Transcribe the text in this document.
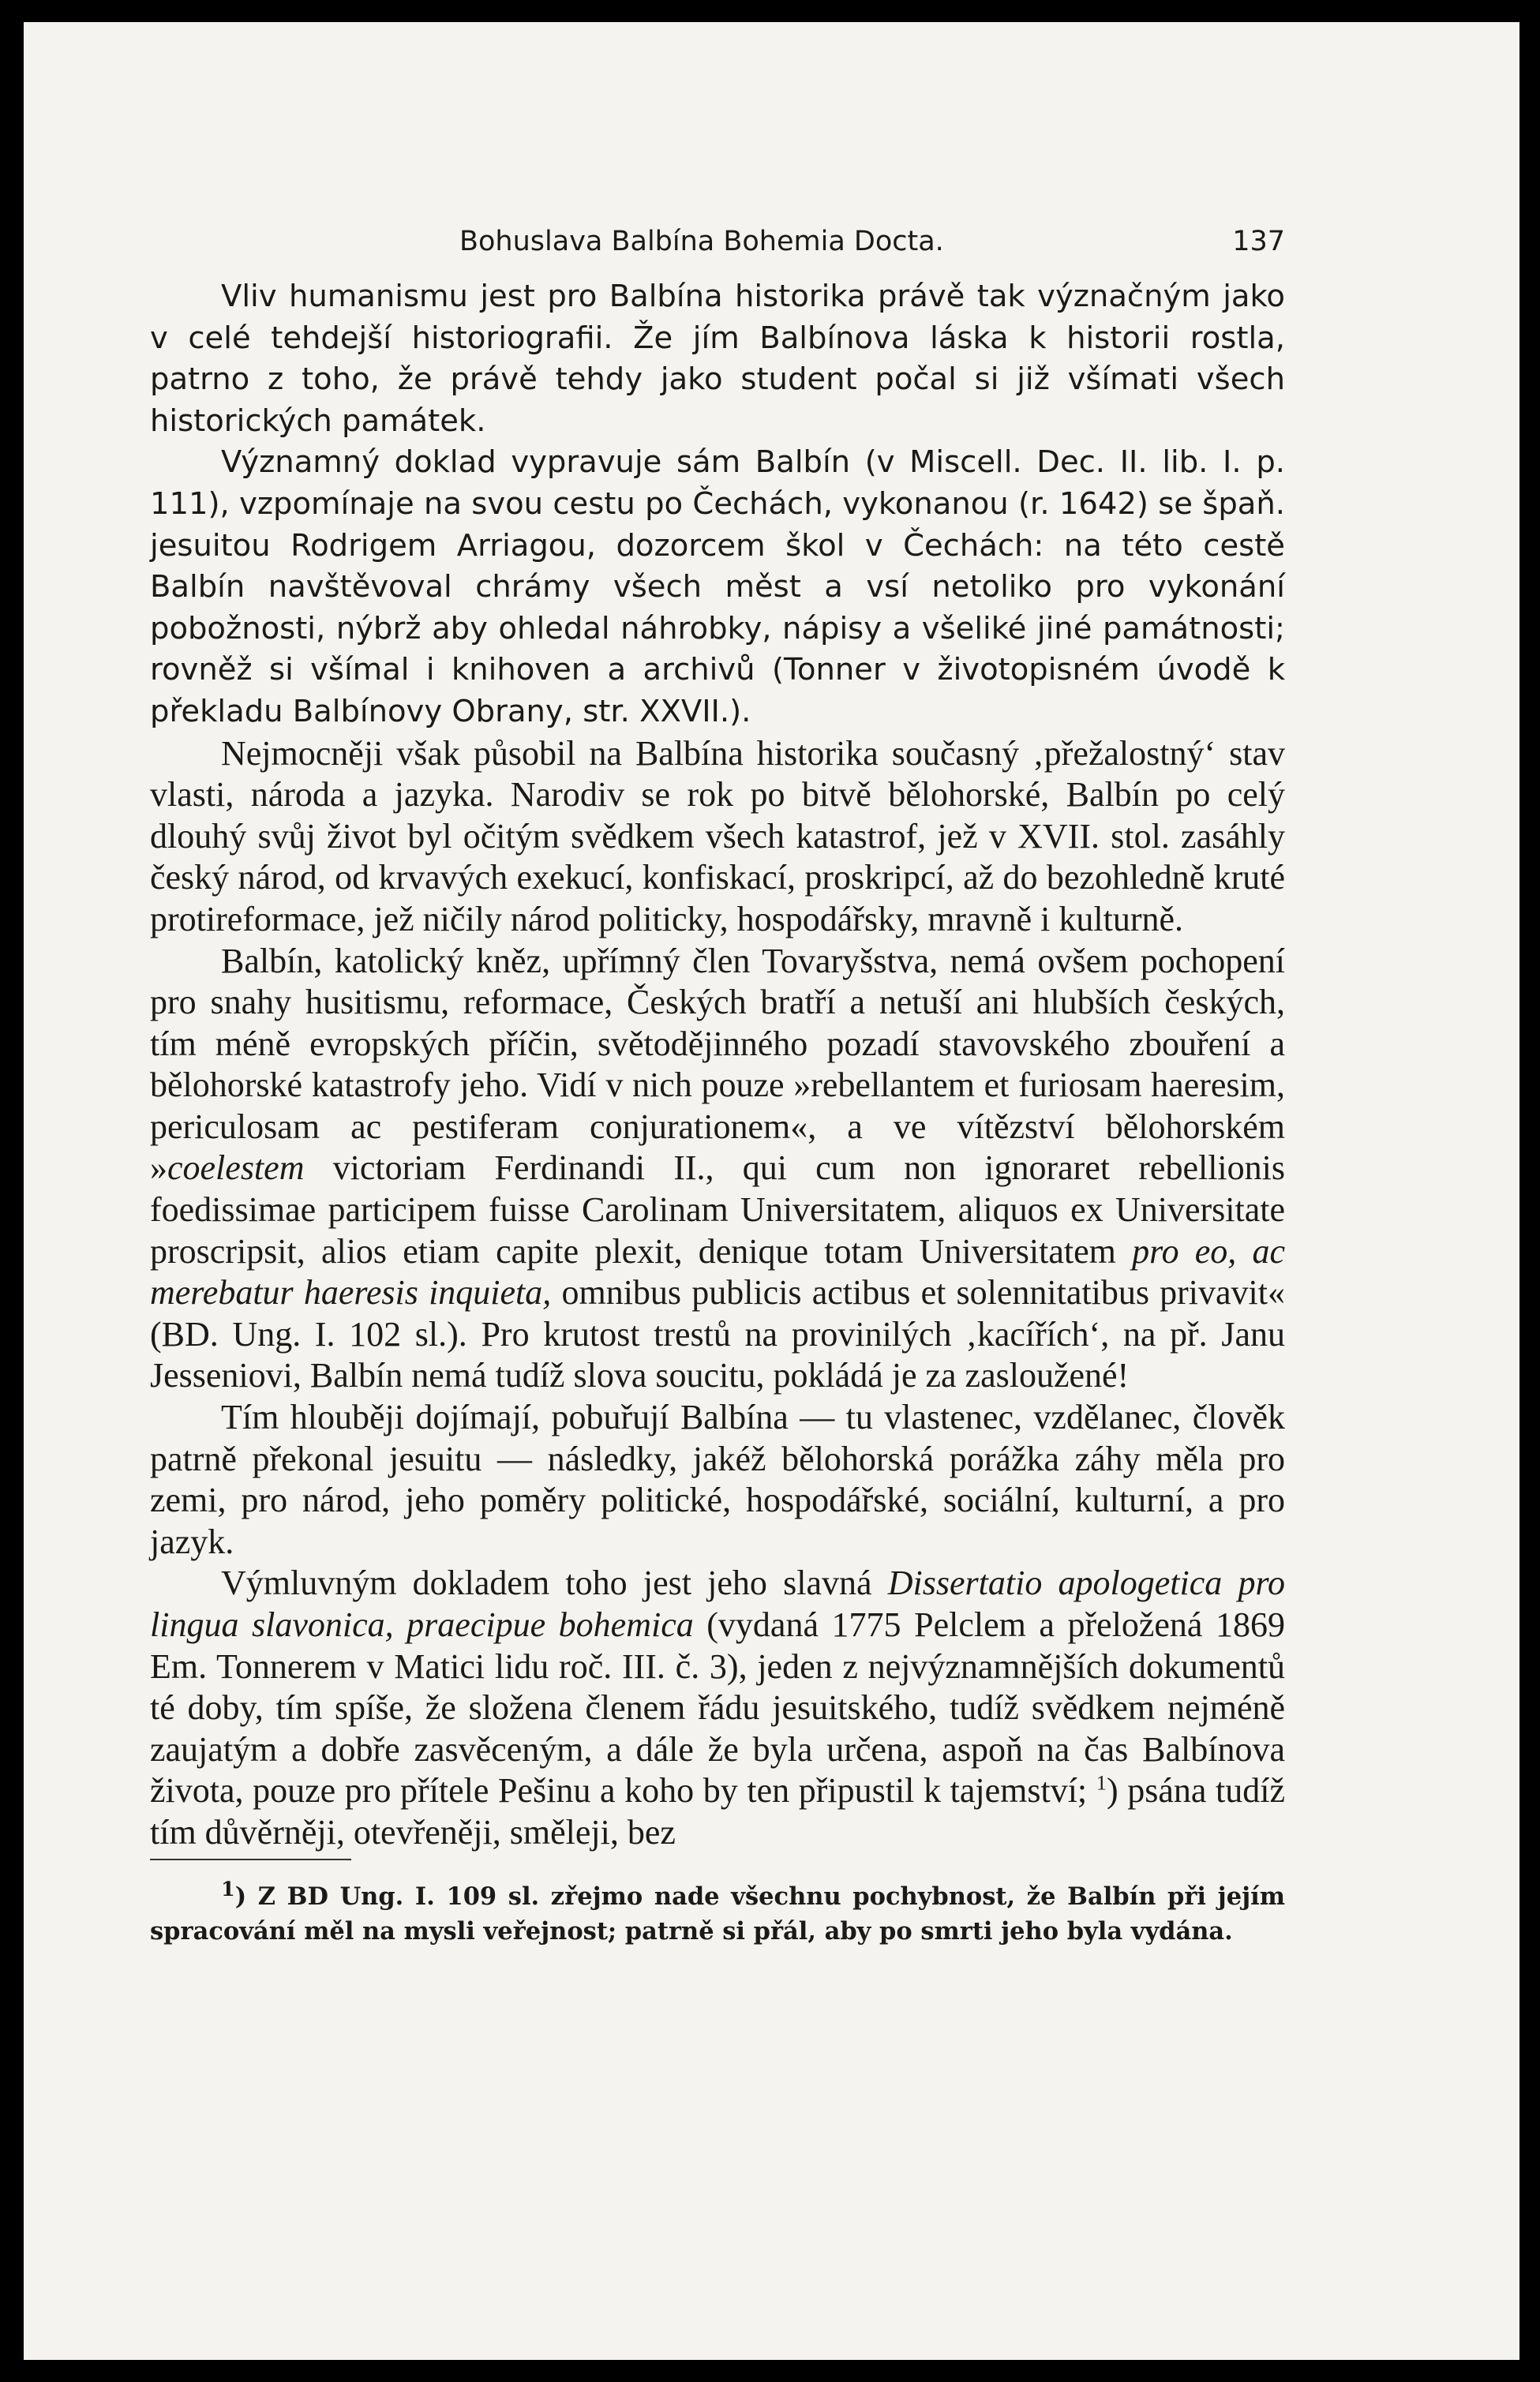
Bohuslava Balbína Bohemia Docta.	137

Vliv humanismu jest pro Balbína historika právě tak význačným jako v celé tehdejší historiografii. Že jím Balbínova láska k historii rostla, patrno z toho, že právě tehdy jako student počal si již všímati všech historických památek.

Významný doklad vypravuje sám Balbín (v Miscell. Dec. II. lib. I. p. 111), vzpomínaje na svou cestu po Čechách, vykonanou (r. 1642) se špaň. jesuitou Rodrigem Arriagou, dozorcem škol v Čechách: na této cestě Balbín navštěvoval chrámy všech měst a vsí netoliko pro vykonání pobožnosti, nýbrž aby ohledal náhrobky, nápisy a všeliké jiné památnosti; rovněž si všímal i knihoven a archivů (Tonner v životopisném úvodě k překladu Balbínovy Obrany, str. XXVII.).

Nejmocněji však působil na Balbína historika současný ‚přežalostný‘ stav vlasti, národa a jazyka. Narodiv se rok po bitvě bělohorské, Balbín po celý dlouhý svůj život byl očitým svědkem všech katastrof, jež v XVII. stol. zasáhly český národ, od krvavých exekucí, konfiskací, proskripcí, až do bezohledně kruté protireformace, jež ničily národ politicky, hospodářsky, mravně i kulturně.

Balbín, katolický kněz, upřímný člen Tovaryšstva, nemá ovšem pochopení pro snahy husitismu, reformace, Českých bratří a netuší ani hlubších českých, tím méně evropských příčin, světodějinného pozadí stavovského zbouření a bělohorské katastrofy jeho. Vidí v nich pouze »rebellantem et furiosam haeresim, periculosam ac pestiferam conjurationem«, a ve vítězství bělohorském »coelestem victoriam Ferdinandi II., qui cum non ignoraret rebellionis foedissimae participem fuisse Carolinam Universitatem, aliquos ex Universitate proscripsit, alios etiam capite plexit, denique totam Universitatem pro eo, ac merebatur haeresis inquieta, omnibus publicis actibus et solennitatibus privavit« (BD. Ung. I. 102 sl.). Pro krutost trestů na provinilých ‚kacířích‘, na př. Janu Jesseniovi, Balbín nemá tudíž slova soucitu, pokládá je za zasloužené!

Tím hlouběji dojímají, pobuřují Balbína — tu vlastenec, vzdělanec, člověk patrně překonal jesuitu — následky, jakéž bělohorská porážka záhy měla pro zemi, pro národ, jeho poměry politické, hospodářské, sociální, kulturní, a pro jazyk.

Výmluvným dokladem toho jest jeho slavná Dissertatio apologetica pro lingua slavonica, praecipue bohemica (vydaná 1775 Pelclem a přeložená 1869 Em. Tonnerem v Matici lidu roč. III. č. 3), jeden z nejvýznamnějších dokumentů té doby, tím spíše, že složena členem řádu jesuitského, tudíž svědkem nejméně zaujatým a dobře zasvěceným, a dále že byla určena, aspoň na čas Balbínova života, pouze pro přítele Pešinu a koho by ten připustil k tajemství; $^1$) psána tudíž tím důvěrněji, otevřeněji, směleji, bez

$^1$) Z BD Ung. I. 109 sl. zřejmo nade všechnu pochybnost, že Balbín při jejím spracování měl na mysli veřejnost; patrně si přál, aby po smrti jeho byla vydána.
